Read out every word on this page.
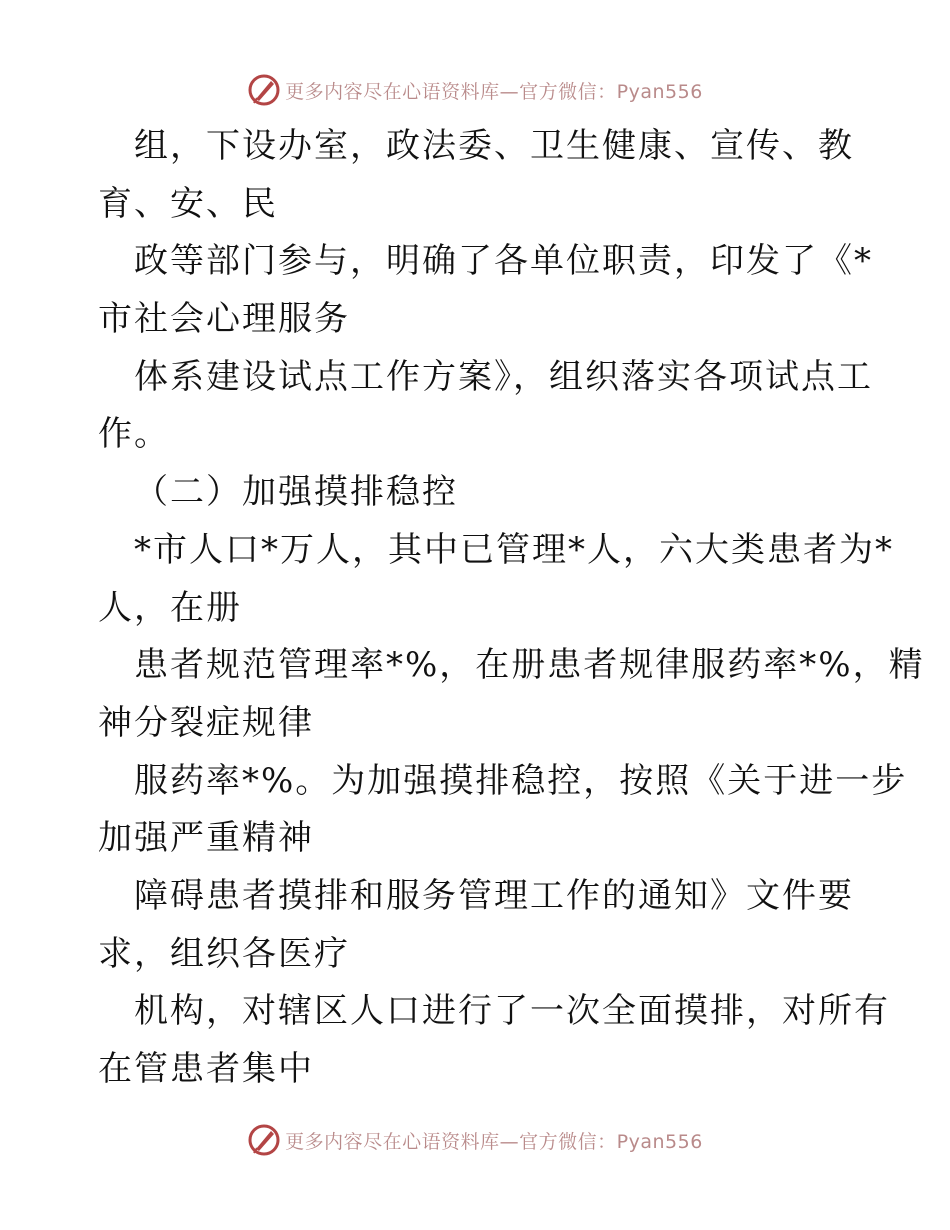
更多内容尽在心语资料库—官方微信：Pyan556
组，下设办室，政法委、卫生健康、宣传、教
育、安、民
政等部门参与，明确了各单位职责，印发了《*
市社会心理服务
体系建设试点工作方案》，组织落实各项试点工
作。
（二）加强摸排稳控
*市人口*万人，其中已管理*人，六大类患者为*
人，在册
患者规范管理率*%，在册患者规律服药率*%，精
神分裂症规律
服药率*%。为加强摸排稳控，按照《关于进一步
加强严重精神
障碍患者摸排和服务管理工作的通知》文件要
求，组织各医疗
机构，对辖区人口进行了一次全面摸排，对所有
在管患者集中
更多内容尽在心语资料库—官方微信：Pyan556
